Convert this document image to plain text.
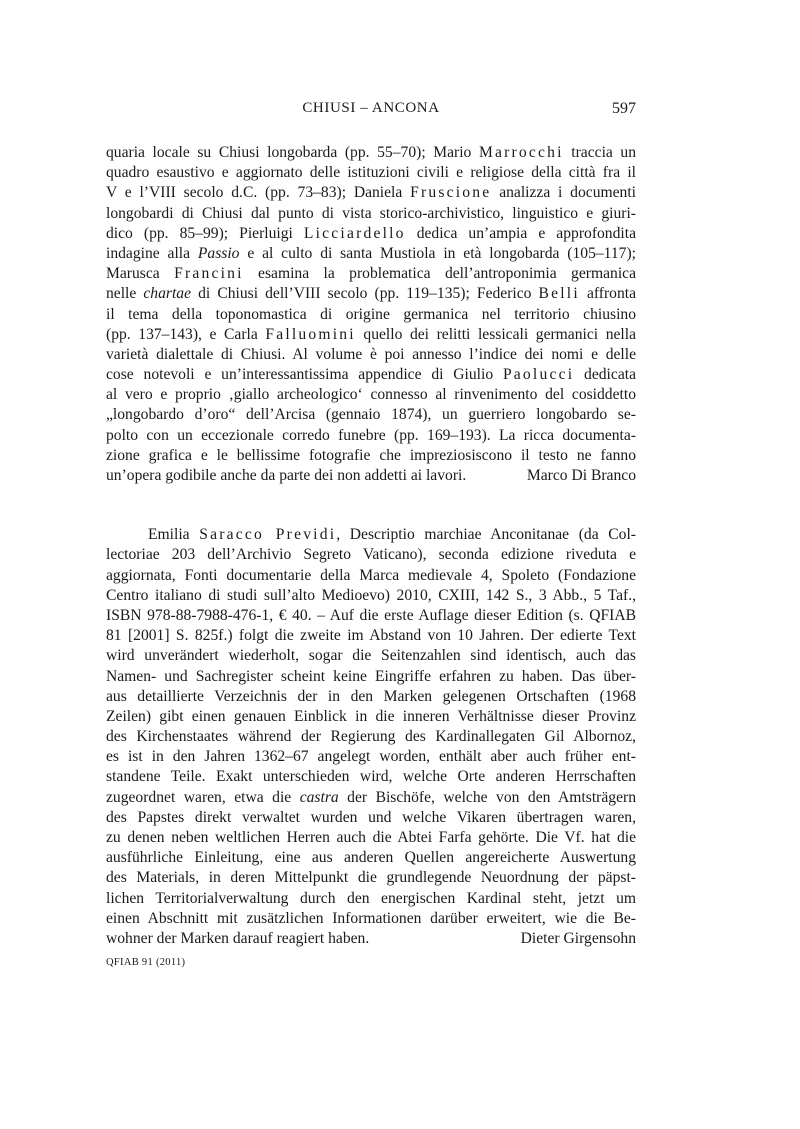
CHIUSI – ANCONA	597
quaria locale su Chiusi longobarda (pp. 55–70); Mario Marrocchi traccia un
quadro esaustivo e aggiornato delle istituzioni civili e religiose della città fra il
V e l’VIII secolo d.C. (pp. 73–83); Daniela Fruscione analizza i documenti
longobardi di Chiusi dal punto di vista storico-archivistico, linguistico e giuri-
dico (pp. 85–99); Pierluigi Licciardello dedica un’ampia e approfondita
indagine alla Passio e al culto di santa Mustiola in età longobarda (105–117);
Marusca Francini esamina la problematica dell’antroponimia germanica
nelle chartae di Chiusi dell’VIII secolo (pp. 119–135); Federico Belli affronta
il tema della toponomastica di origine germanica nel territorio chiusino
(pp. 137–143), e Carla Falluomini quello dei relitti lessicali germanici nella
varietà dialettale di Chiusi. Al volume è poi annesso l’indice dei nomi e delle
cose notevoli e un’interessantissima appendice di Giulio Paolucci dedicata
al vero e proprio ‚giallo archeologico‘ connesso al rinvenimento del cosiddetto
„longobardo d’oro“ dell’Arcisa (gennaio 1874), un guerriero longobardo se-
polto con un eccezionale corredo funebre (pp. 169–193). La ricca documenta-
zione grafica e le bellissime fotografie che impreziosiscono il testo ne fanno
un’opera godibile anche da parte dei non addetti ai lavori.	Marco Di Branco
Emilia Saracco Previdi, Descriptio marchiae Anconitanae (da Col-
lectoriae 203 dell’Archivio Segreto Vaticano), seconda edizione riveduta e
aggiornata, Fonti documentarie della Marca medievale 4, Spoleto (Fondazione
Centro italiano di studi sull’alto Medioevo) 2010, CXIII, 142 S., 3 Abb., 5 Taf.,
ISBN 978-88-7988-476-1, € 40. – Auf die erste Auflage dieser Edition (s. QFIAB
81 [2001] S. 825f.) folgt die zweite im Abstand von 10 Jahren. Der edierte Text
wird unverändert wiederholt, sogar die Seitenzahlen sind identisch, auch das
Namen- und Sachregister scheint keine Eingriffe erfahren zu haben. Das über-
aus detaillierte Verzeichnis der in den Marken gelegenen Ortschaften (1968
Zeilen) gibt einen genauen Einblick in die inneren Verhältnisse dieser Provinz
des Kirchenstaates während der Regierung des Kardinallegaten Gil Albornoz,
es ist in den Jahren 1362–67 angelegt worden, enthält aber auch früher ent-
standene Teile. Exakt unterschieden wird, welche Orte anderen Herrschaften
zugeordnet waren, etwa die castra der Bischöfe, welche von den Amtsträgern
des Papstes direkt verwaltet wurden und welche Vikaren übertragen waren,
zu denen neben weltlichen Herren auch die Abtei Farfa gehörte. Die Vf. hat die
ausführliche Einleitung, eine aus anderen Quellen angereicherte Auswertung
des Materials, in deren Mittelpunkt die grundlegende Neuordnung der päpst-
lichen Territorialverwaltung durch den energischen Kardinal steht, jetzt um
einen Abschnitt mit zusätzlichen Informationen darüber erweitert, wie die Be-
wohner der Marken darauf reagiert haben.	Dieter Girgensohn
QFIAB 91 (2011)
